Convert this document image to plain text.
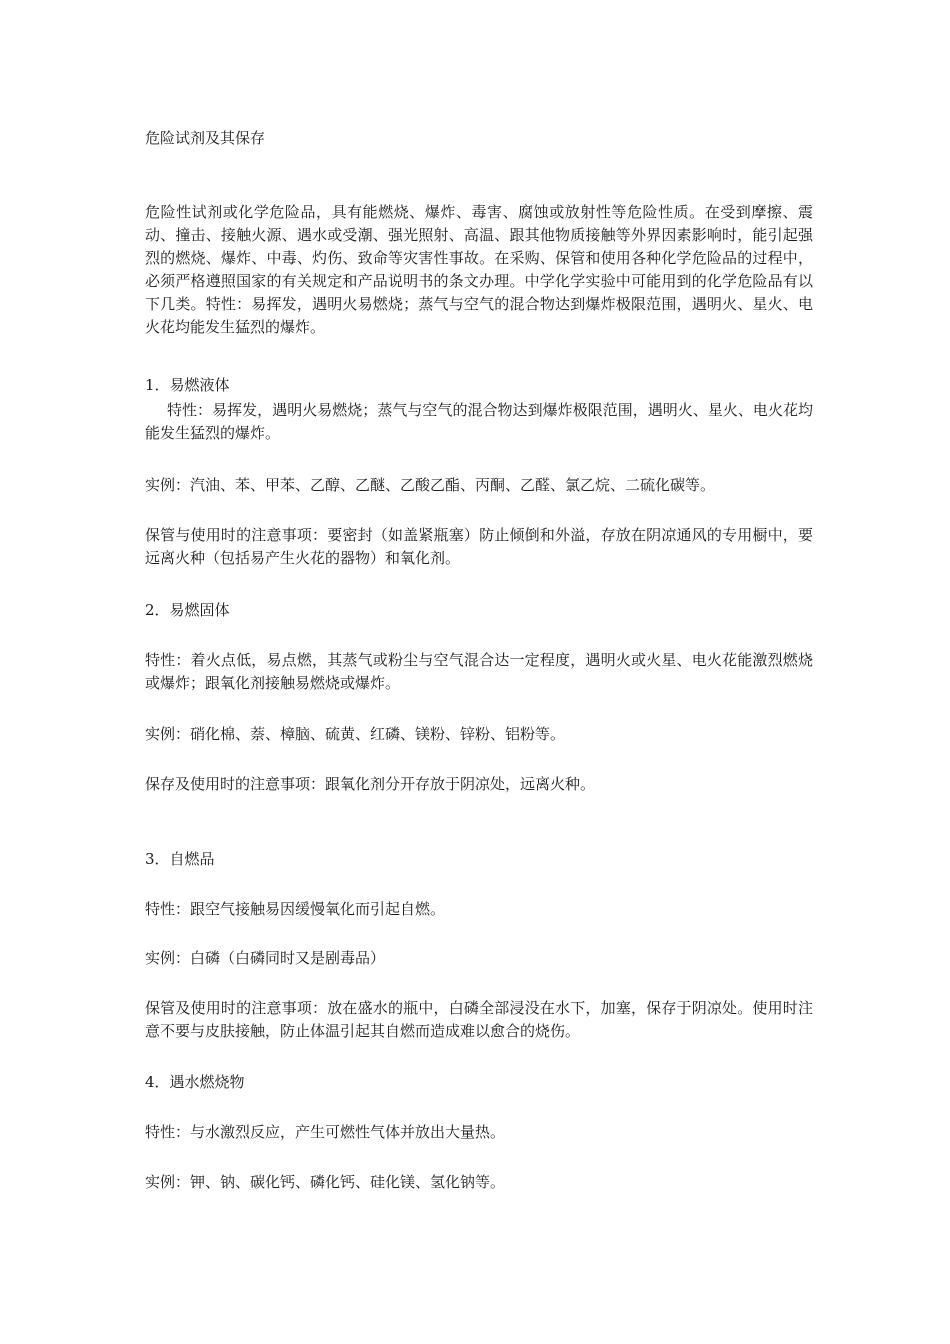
危险试剂及其保存

危险性试剂或化学危险品，具有能燃烧、爆炸、毒害、腐蚀或放射性等危险性质。在受到摩擦、震动、撞击、接触火源、遇水或受潮、强光照射、高温、跟其他物质接触等外界因素影响时，能引起强烈的燃烧、爆炸、中毒、灼伤、致命等灾害性事故。在采购、保管和使用各种化学危险品的过程中，必须严格遵照国家的有关规定和产品说明书的条文办理。中学化学实验中可能用到的化学危险品有以下几类。特性：易挥发，遇明火易燃烧；蒸气与空气的混合物达到爆炸极限范围，遇明火、星火、电火花均能发生猛烈的爆炸。

1．易燃液体

特性：易挥发，遇明火易燃烧；蒸气与空气的混合物达到爆炸极限范围，遇明火、星火、电火花均能发生猛烈的爆炸。

实例：汽油、苯、甲苯、乙醇、乙醚、乙酸乙酯、丙酮、乙醛、氯乙烷、二硫化碳等。

保管与使用时的注意事项：要密封（如盖紧瓶塞）防止倾倒和外溢，存放在阴凉通风的专用橱中，要远离火种（包括易产生火花的器物）和氧化剂。

2．易燃固体

特性：着火点低，易点燃，其蒸气或粉尘与空气混合达一定程度，遇明火或火星、电火花能激烈燃烧或爆炸；跟氧化剂接触易燃烧或爆炸。

实例：硝化棉、萘、樟脑、硫黄、红磷、镁粉、锌粉、铝粉等。

保存及使用时的注意事项：跟氧化剂分开存放于阴凉处，远离火种。

3．自燃品

特性：跟空气接触易因缓慢氧化而引起自燃。

实例：白磷（白磷同时又是剧毒品）

保管及使用时的注意事项：放在盛水的瓶中，白磷全部浸没在水下，加塞，保存于阴凉处。使用时注意不要与皮肤接触，防止体温引起其自燃而造成难以愈合的烧伤。

4．遇水燃烧物

特性：与水激烈反应，产生可燃性气体并放出大量热。

实例：钾、钠、碳化钙、磷化钙、硅化镁、氢化钠等。
